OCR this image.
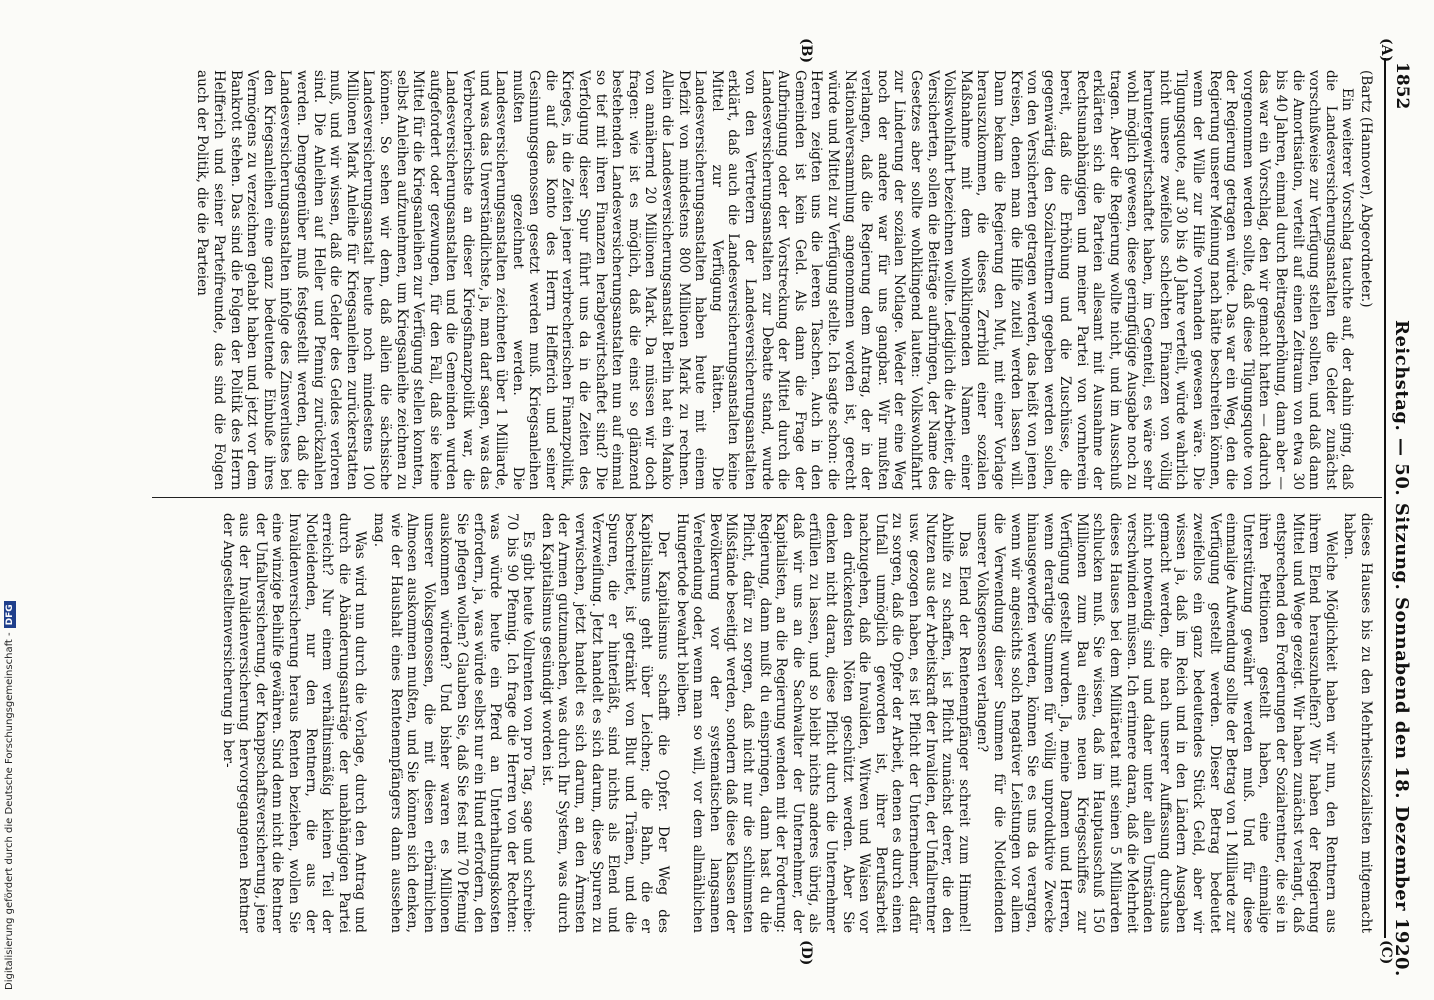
1852
Reichstag. — 50. Sitzung. Sonnabend den 18. Dezember 1920.
(A)
(B)
(C)
(D)

(Bartz (Hannover), Abgeordneter.)

Ein weiterer Vorschlag tauchte auf, der dahin ging, daß die Landesversicherungsanstalten die Gelder zunächst vorschußweise zur Verfügung stellen sollten, und daß dann die Amortisation, verteilt auf einen Zeitraum von etwa 30 bis 40 Jahren, einmal durch Beitragserhöhung, dann aber — das war ein Vorschlag, den wir gemacht hatten — dadurch vorgenommen werden sollte, daß diese Tilgungsquote von der Regierung getragen würde. Das war ein Weg, den die Regierung unserer Meinung nach hätte beschreiten können, wenn der Wille zur Hilfe vorhanden gewesen wäre. Die Tilgungsquote, auf 30 bis 40 Jahre verteilt, würde wahrlich nicht unsere zweifellos schlechten Finanzen von völlig heruntergewirtschaftet haben, im Gegenteil, es wäre sehr wohl möglich gewesen, diese geringfügige Ausgabe noch zu tragen. Aber die Regierung wollte nicht, und im Ausschuß erklärten sich die Parteien allesamt mit Ausnahme der Rechtsunabhängigen und meiner Partei von vornherein bereit, daß die Erhöhung und die Zuschüsse, die gegenwärtig den Sozialrentnern gegeben werden sollen, von den Versicherten getragen werden, das heißt von jenen Kreisen, denen man die Hilfe zuteil werden lassen will. Dann bekam die Regierung den Mut, mit einer Vorlage herauszukommen, die dieses Zerrbild einer sozialen Maßnahme mit dem wohlklingenden Namen einer Volkswohlfahrt bezeichnen wollte. Lediglich die Arbeiter, die Versicherten, sollen die Beiträge aufbringen, der Name des Gesetzes aber sollte wohlklingend lauten: Volkswohlfahrt zur Linderung der sozialen Notlage. Weder der eine Weg noch der andere war für uns gangbar. Wir mußten verlangen, daß die Regierung dem Antrag, der in der Nationalversammlung angenommen worden ist, gerecht würde und Mittel zur Verfügung stellte. Ich sagte schon: die Herren zeigten uns die leeren Taschen. Auch in den Gemeinden ist kein Geld. Als dann die Frage der Aufbringung oder der Vorstreckung der Mittel durch die Landesversicherungsanstalten zur Debatte stand, wurde von den Vertretern der Landesversicherungsanstalten erklärt, daß auch die Landesversicherungsanstalten keine Mittel zur Verfügung hätten. Die Landesversicherungsanstalten haben heute mit einem Defizit von mindestens 800 Millionen Mark zu rechnen. Allein die Landesversicherungsanstalt Berlin hat ein Manko von annähernd 20 Millionen Mark. Da müssen wir doch fragen: wie ist es möglich, daß die einst so glänzend bestehenden Landesversicherungsanstalten nun auf einmal so tief mit ihren Finanzen herabgewirtschaftet sind? Die Verfolgung dieser Spur führt uns da in die Zeiten des Krieges, in die Zeiten jener verbrecherischen Finanzpolitik, die auf das Konto des Herrn Helfferich und seiner Gesinnungsgenossen gesetzt werden muß. Kriegsanleihen mußten gezeichnet werden. Die Landesversicherungsanstalten zeichneten über 1 Milliarde, und was das Unverständlichste, ja, man darf sagen, was das Verbrecherischste an dieser Kriegsfinanzpolitik war, die Landesversicherungsanstalten und die Gemeinden wurden aufgefordert oder gezwungen, für den Fall, daß sie keine Mittel für die Kriegsanleihen zur Verfügung stellen konnten, selbst Anleihen aufzunehmen, um Kriegsanleihe zeichnen zu können. So sehen wir denn, daß allein die sächsische Landesversicherungsanstalt heute noch mindestens 100 Millionen Mark Anleihe für Kriegsanleihen zurückerstatten muß, und wir wissen, daß die Gelder des Geldes verloren sind. Die Anleihen auf Heller und Pfennig zurückzahlen werden. Demgegenüber muß festgestellt werden, daß die Landesversicherungsanstalten infolge des Zinsverlustes bei den Kriegsanleihen eine ganz bedeutende Einbuße ihres Vermögens zu verzeichnen gehabt haben und jetzt vor dem Bankrott stehen. Das sind die Folgen der Politik des Herrn Helfferich und seiner Parteifreunde, das sind die Folgen auch der Politik, die die Parteien

dieses Hauses bis zu den Mehrheitssozialisten mitgemacht haben.

Welche Möglichkeit haben wir nun, den Rentnern aus ihrem Elend herauszuhelfen? Wir haben der Regierung Mittel und Wege gezeigt. Wir haben zunächst verlangt, daß entsprechend den Forderungen der Sozialrentner, die sie in ihren Petitionen gestellt haben, eine einmalige Unterstützung gewährt werden muß. Und für diese einmalige Aufwendung sollte der Betrag von 1 Milliarde zur Verfügung gestellt werden. Dieser Betrag bedeutet zweifellos ein ganz bedeutendes Stück Geld, aber wir wissen ja, daß im Reich und in den Ländern Ausgaben gemacht werden, die nach unserer Auffassung durchaus nicht notwendig sind und daher unter allen Umständen verschwinden müssen. Ich erinnere daran, daß die Mehrheit dieses Hauses bei dem Militäretat mit seinen 5 Milliarden schlucken muß. Sie wissen, daß im Hauptausschuß 150 Millionen zum Bau eines neuen Kriegsschiffes zur Verfügung gestellt wurden. Ja, meine Damen und Herren, wenn derartige Summen für völlig unproduktive Zwecke hinausgeworfen werden, können Sie es uns da verargen, wenn wir angesichts solch negativer Leistungen vor allem die Verwendung dieser Summen für die Notleidenden unserer Volksgenossen verlangen?

Das Elend der Rentenempfänger schreit zum Himmel! Abhilfe zu schaffen, ist Pflicht zunächst derer, die den Nutzen aus der Arbeitskraft der Invaliden, der Unfallrentner usw. gezogen haben, es ist Pflicht der Unternehmer, dafür zu sorgen, daß die Opfer der Arbeit, denen es durch einen Unfall unmöglich geworden ist, ihrer Berufsarbeit nachzugehen, daß die Invaliden, Witwen und Waisen vor den drückendsten Nöten geschützt werden. Aber Sie denken nicht daran, diese Pflicht durch die Unternehmer erfüllen zu lassen, und so bleibt nichts anderes übrig, als daß wir uns an die Sachwalter der Unternehmer, der Kapitalisten, an die Regierung wenden mit der Forderung: Regierung, dann mußt du einspringen, dann hast du die Pflicht, dafür zu sorgen, daß nicht nur die schlimmsten Mißstände beseitigt werden, sondern daß diese Klassen der Bevölkerung vor der systematischen langsamen Verelendung oder, wenn man so will, vor dem allmählichen Hungertode bewahrt bleiben.

Der Kapitalismus schafft die Opfer. Der Weg des Kapitalismus geht über Leichen; die Bahn, die er beschreitet, ist getränkt von Blut und Tränen, und die Spuren, die er hinterläßt, sind nichts als Elend und Verzweiflung. Jetzt handelt es sich darum, diese Spuren zu verwischen, jetzt handelt es sich darum, an den Ärmsten der Armen gutzumachen, was durch Ihr System, was durch den Kapitalismus gesündigt worden ist.

Es gibt heute Vollrenten von pro Tag, sage und schreibe: 70 bis 90 Pfennig. Ich frage die Herren von der Rechten: was würde heute ein Pferd an Unterhaltungskosten erfordern, ja, was würde selbst nur ein Hund erfordern, den Sie pflegen wollen? Glauben Sie, daß Sie fest mit 70 Pfennig auskommen würden? Und bisher waren es Millionen unserer Volksgenossen, die mit diesen erbärmlichen Almosen auskommen mußten, und Sie können sich denken, wie der Haushalt eines Rentenempfängers dann aussehen mag.

Was wird nun durch die Vorlage, durch den Antrag und durch die Abänderungsanträge der unabhängigen Partei erreicht? Nur einem verhältnismäßig kleinen Teil der Notleidenden, nur den Rentnern, die aus der Invalidenversicherung heraus Renten beziehen, wollen Sie eine winzige Beihilfe gewähren. Sind denn nicht die Rentner der Unfallversicherung, der Knappschaftsversicherung, jene aus der Invalidenversicherung hervorgegangenen Rentner der Angestelltenversicherung in ber-

Digitalisierung gefördert durch die Deutsche Forschungsgemeinschaft -DFG
